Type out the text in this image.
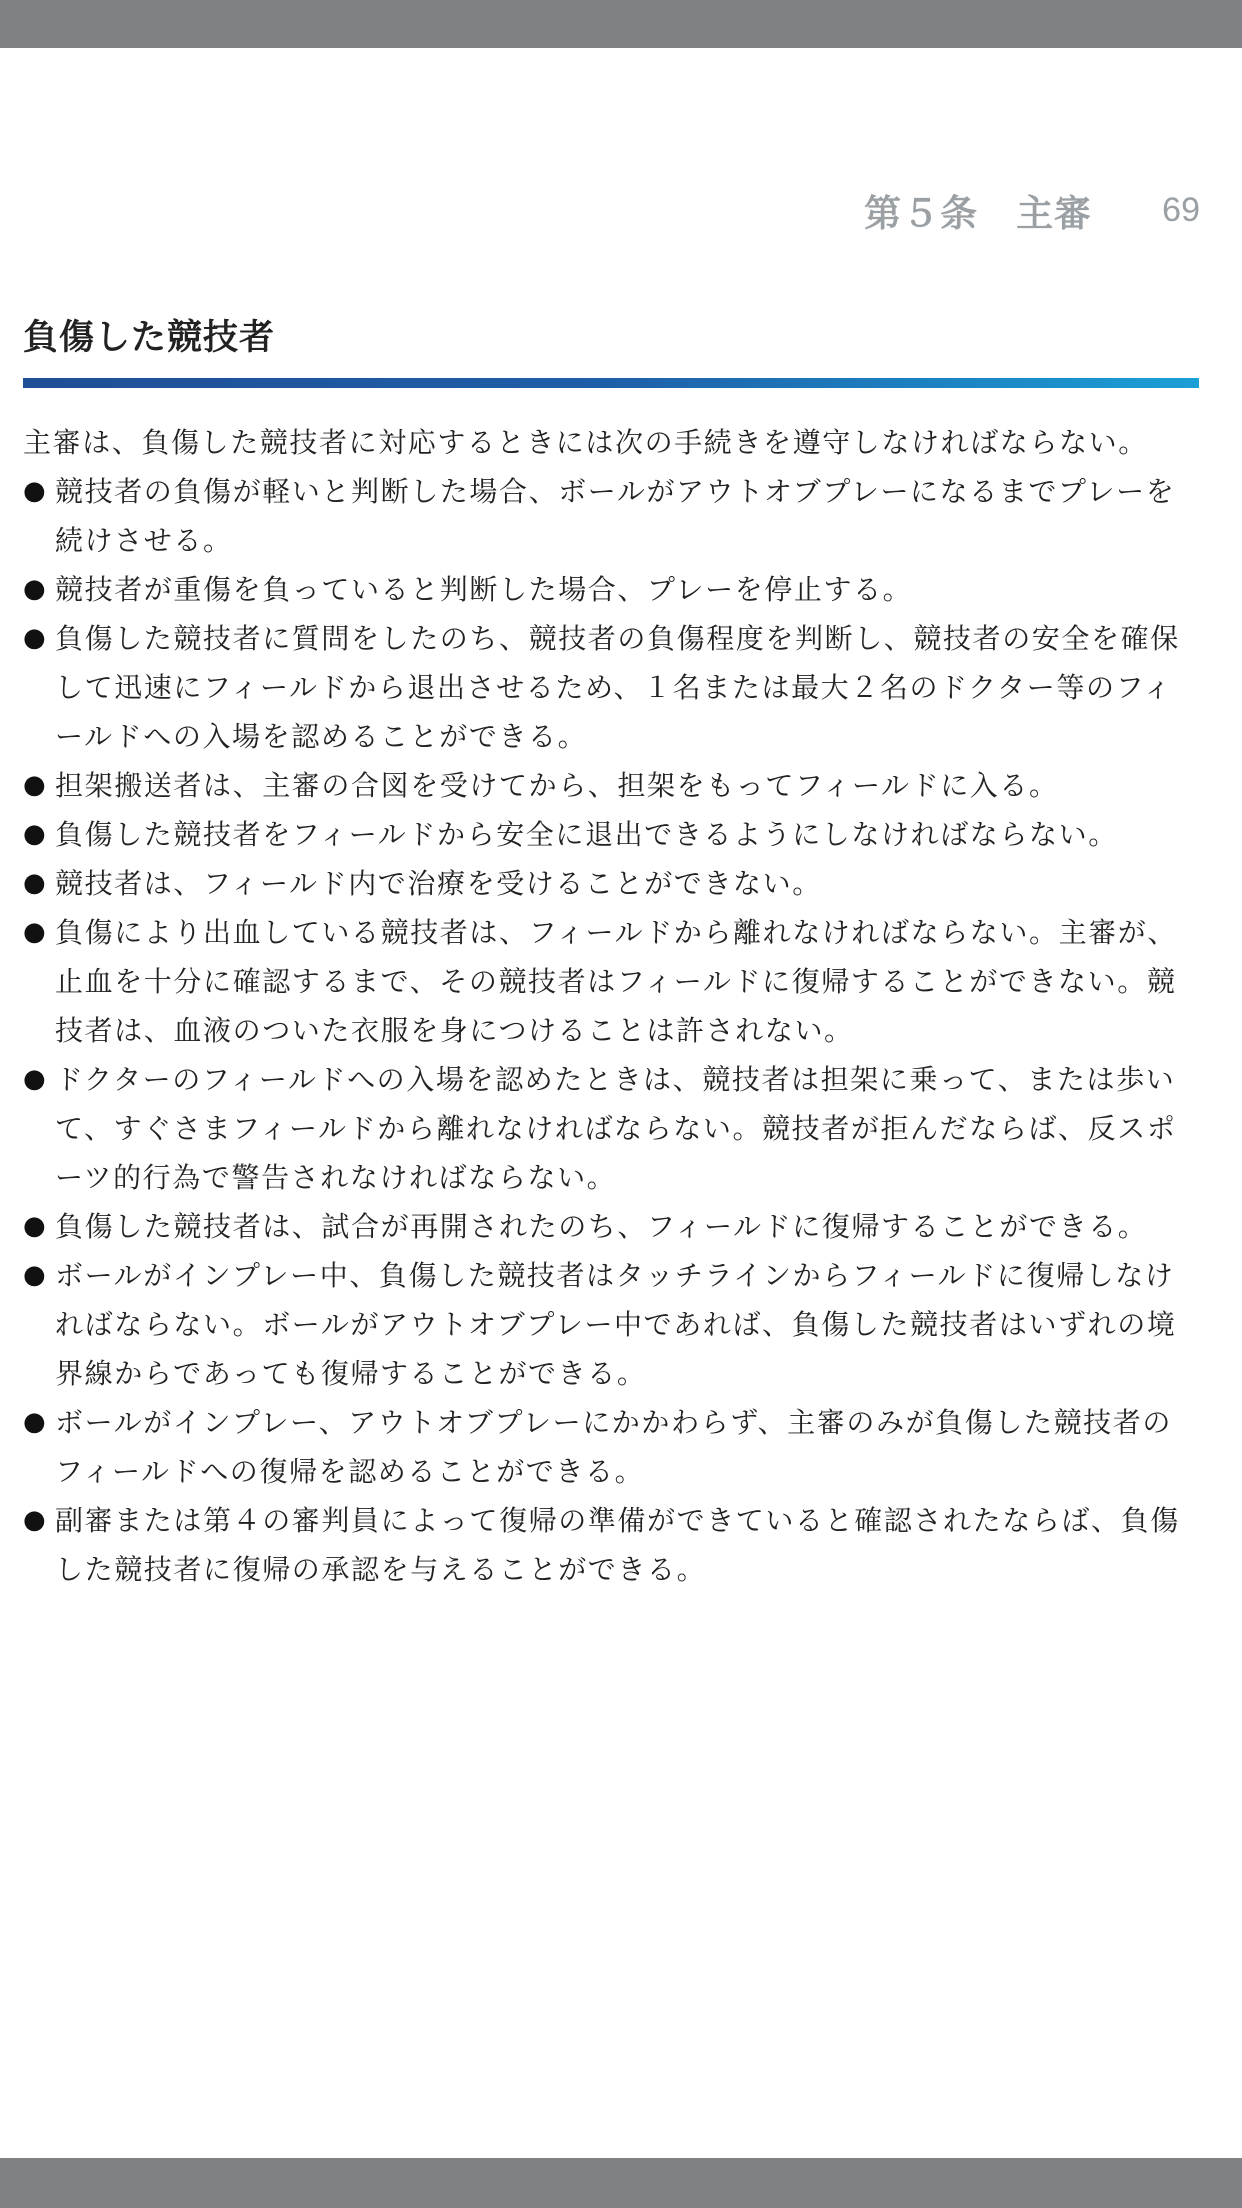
第５条　主審 69
負傷した競技者

主審は、負傷した競技者に対応するときには次の手続きを遵守しなければならない。

● 競技者の負傷が軽いと判断した場合、ボールがアウトオブプレーになるまでプレーを続けさせる。
● 競技者が重傷を負っていると判断した場合、プレーを停止する。
● 負傷した競技者に質問をしたのち、競技者の負傷程度を判断し、競技者の安全を確保して迅速にフィールドから退出させるため、１名または最大２名のドクター等のフィールドへの入場を認めることができる。
● 担架搬送者は、主審の合図を受けてから、担架をもってフィールドに入る。
● 負傷した競技者をフィールドから安全に退出できるようにしなければならない。
● 競技者は、フィールド内で治療を受けることができない。
● 負傷により出血している競技者は、フィールドから離れなければならない。主審が、止血を十分に確認するまで、その競技者はフィールドに復帰することができない。競技者は、血液のついた衣服を身につけることは許されない。
● ドクターのフィールドへの入場を認めたときは、競技者は担架に乗って、または歩いて、すぐさまフィールドから離れなければならない。競技者が拒んだならば、反スポーツ的行為で警告されなければならない。
● 負傷した競技者は、試合が再開されたのち、フィールドに復帰することができる。
● ボールがインプレー中、負傷した競技者はタッチラインからフィールドに復帰しなければならない。ボールがアウトオブプレー中であれば、負傷した競技者はいずれの境界線からであっても復帰することができる。
● ボールがインプレー、アウトオブプレーにかかわらず、主審のみが負傷した競技者のフィールドへの復帰を認めることができる。
● 副審または第４の審判員によって復帰の準備ができていると確認されたならば、負傷した競技者に復帰の承認を与えることができる。
